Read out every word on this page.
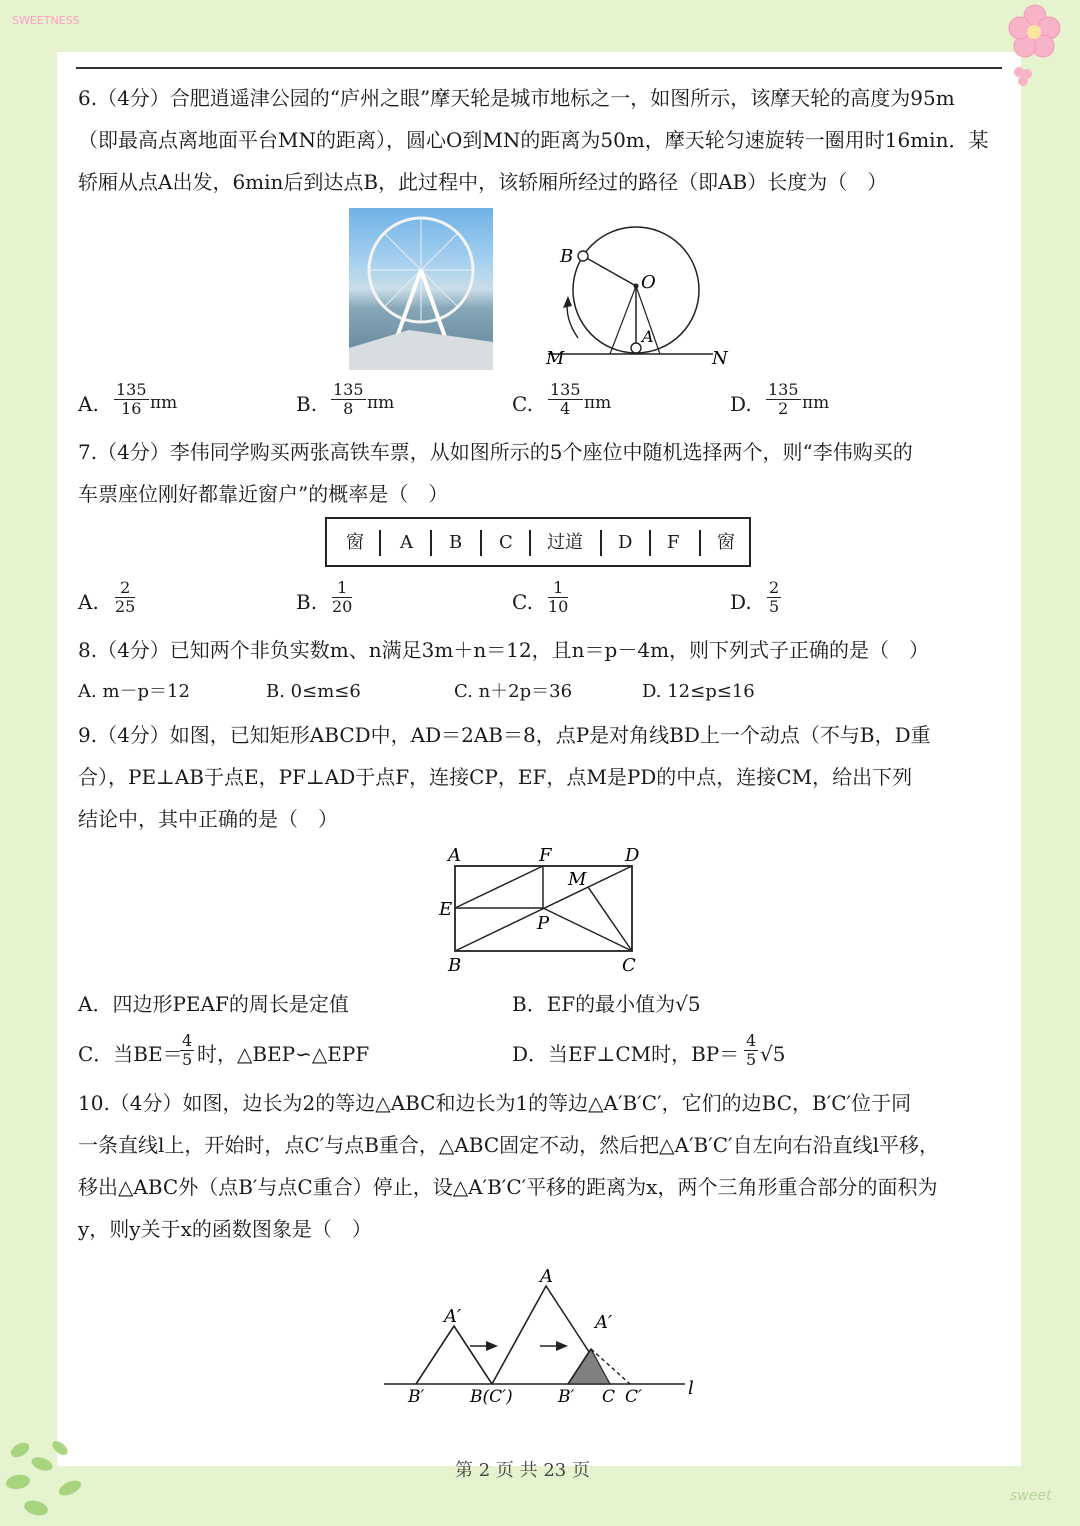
SWEETNESS
sweet
6.（4分）合肥逍遥津公园的“庐州之眼”摩天轮是城市地标之一，如图所示，该摩天轮的高度为95m
（即最高点离地面平台MN的距离），圆心O到MN的距离为50m，摩天轮匀速旋转一圈用时16min．某
轿厢从点A出发，6min后到达点B，此过程中，该轿厢所经过的路径（即AB）长度为（　）
B
O
A
M	N
A. $\frac{135}{16}$ πm	B. $\frac{135}{8}$ πm	C. $\frac{135}{4}$ πm	D. $\frac{135}{2}$ πm
7.（4分）李伟同学购买两张高铁车票，从如图所示的5个座位中随机选择两个，则“李伟购买的
车票座位刚好都靠近窗户”的概率是（　）
窗 A B C 过道 D F 窗
A. $\frac{2}{25}$	B. $\frac{1}{20}$	C. $\frac{1}{10}$	D. $\frac{2}{5}$
8.（4分）已知两个非负实数m、n满足3m＋n＝12，且n＝p－4m，则下列式子正确的是（　）
A. m－p＝12	B. 0≤m≤6	C. n＋2p＝36	D. 12≤p≤16
9.（4分）如图，已知矩形ABCD中，AD＝2AB＝8，点P是对角线BD上一个动点（不与B，D重
合），PE⊥AB于点E，PF⊥AD于点F，连接CP，EF，点M是PD的中点，连接CM，给出下列
结论中，其中正确的是（　）
A	F	D
M
E
P
B	C
A．四边形PEAF的周长是定值	B．EF的最小值为√5
C．当BE＝
$\frac{4}{5}$ 时，△BEP∽△EPF	D．当EF⊥CM时，$BP= \frac{4}{5} √5$
10.（4分）如图，边长为2的等边△ABC和边长为1的等边△A′B′C′，它们的边BC，B′C′位于同
一条直线l上，开始时，点C′与点B重合，△ABC固定不动，然后把△A′B′C′自左向右沿直线l平移，
移出△ABC外（点B′与点C重合）停止，设△A′B′C′平移的距离为x，两个三角形重合部分的面积为
y，则y关于x的函数图象是（　）
A
A′	A′
B′	B(C′)	B′ C C′	l
第 2 页 共 23 页
